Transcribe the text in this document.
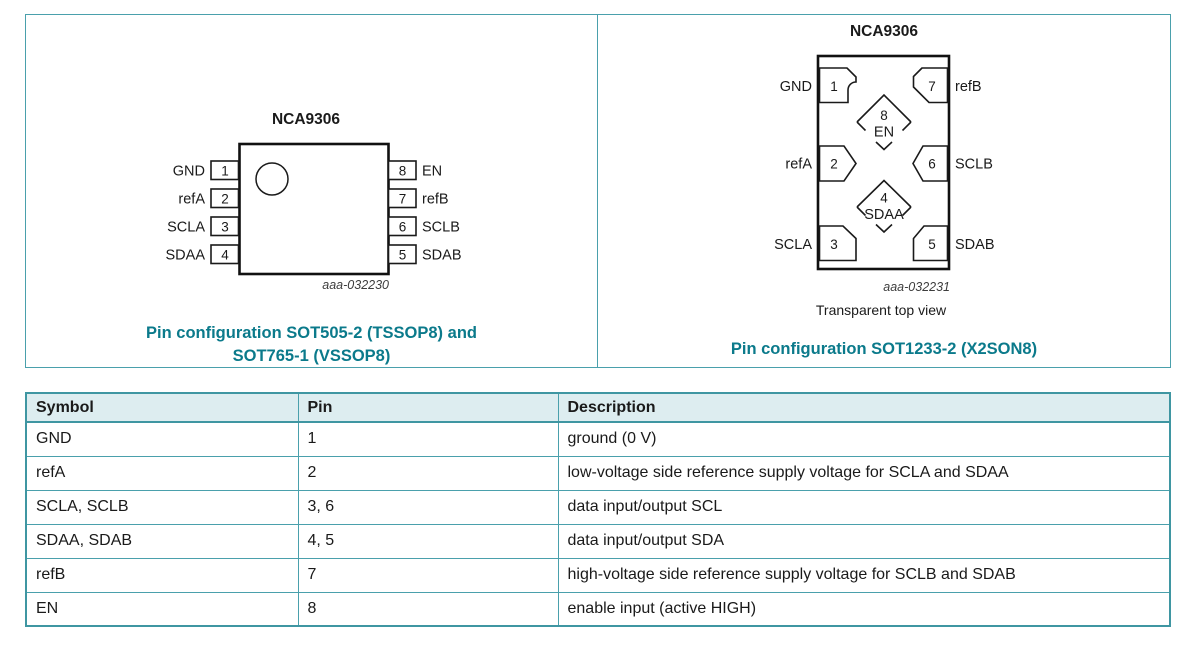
NCA9306
GND 1
refA 2
SCLA 3
SDAA 4
8 EN
7 refB
6 SCLB
5 SDAB
aaa-032230
Pin configuration SOT505-2 (TSSOP8) and
SOT765-1 (VSSOP8)
NCA9306
8
EN
4
SDAA
1	7
2	6
3	5
GND	refB
refA	SCLB
SCLA	SDAB
aaa-032231
Transparent top view
Pin configuration SOT1233-2 (X2SON8)
Symbol	Pin	Description
GND	1	ground (0 V)
refA	2	low-voltage side reference supply voltage for SCLA and SDAA
SCLA, SCLB	3, 6	data input/output SCL
SDAA, SDAB	4, 5	data input/output SDA
refB	7	high-voltage side reference supply voltage for SCLB and SDAB
EN	8	enable input (active HIGH)
